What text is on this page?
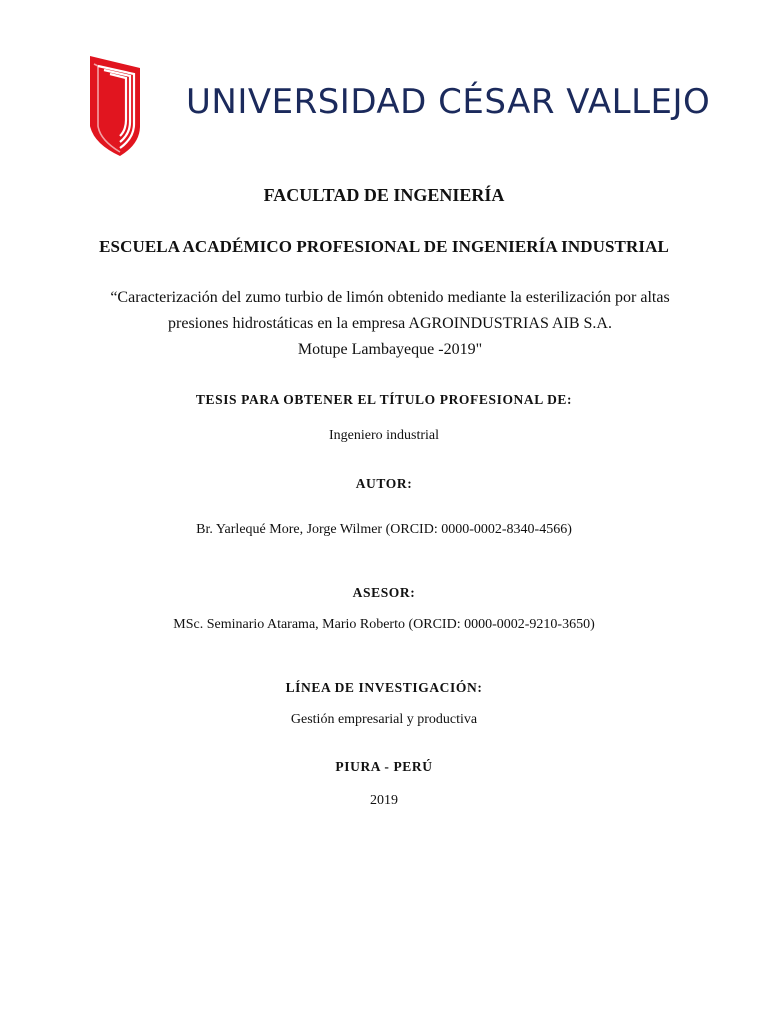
UNIVERSIDAD CÉSAR VALLEJO
FACULTAD DE INGENIERÍA
ESCUELA ACADÉMICO PROFESIONAL DE INGENIERÍA INDUSTRIAL
“Caracterización del zumo turbio de limón obtenido mediante la esterilización por altas
presiones hidrostáticas en la empresa AGROINDUSTRIAS AIB S.A.
Motupe Lambayeque -2019"
TESIS PARA OBTENER EL TÍTULO PROFESIONAL DE:
Ingeniero industrial
AUTOR:
Br. Yarlequé More, Jorge Wilmer (ORCID: 0000-0002-8340-4566)
ASESOR:
MSc. Seminario Atarama, Mario Roberto (ORCID: 0000-0002-9210-3650)
LÍNEA DE INVESTIGACIÓN:
Gestión empresarial y productiva
PIURA - PERÚ
2019
